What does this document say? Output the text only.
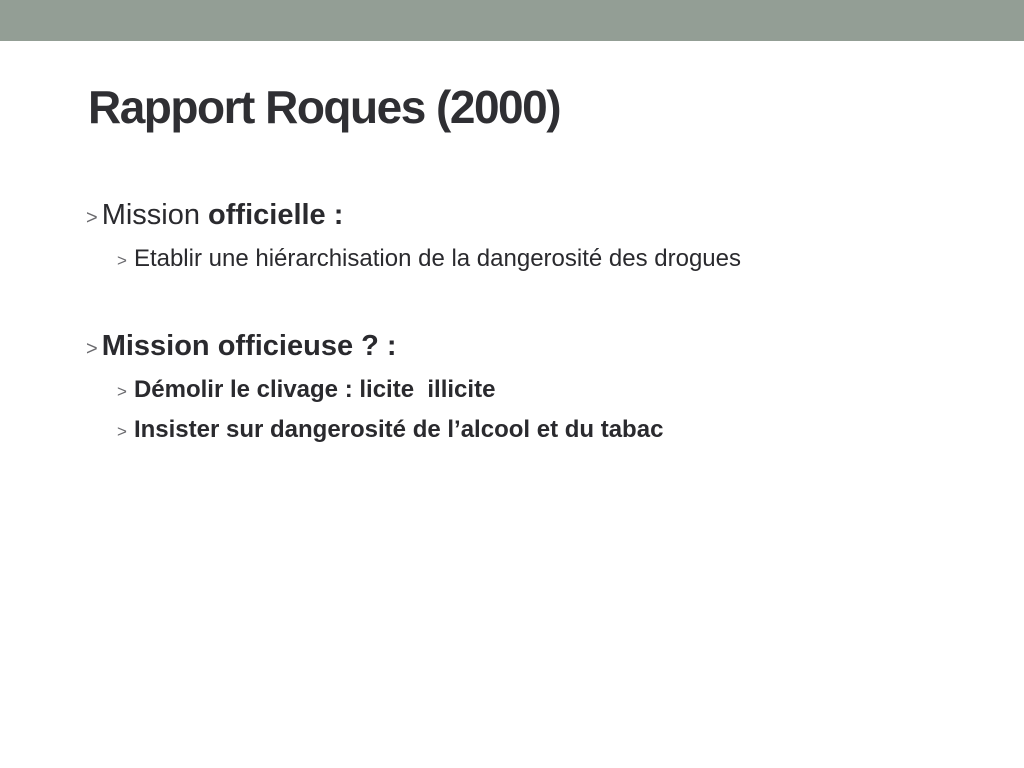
Rapport Roques (2000)
> Mission officielle :
> Etablir une hiérarchisation de la dangerosité des drogues
> Mission officieuse ? :
> Démolir le clivage : licite  illicite
> Insister sur dangerosité de l’alcool et du tabac
